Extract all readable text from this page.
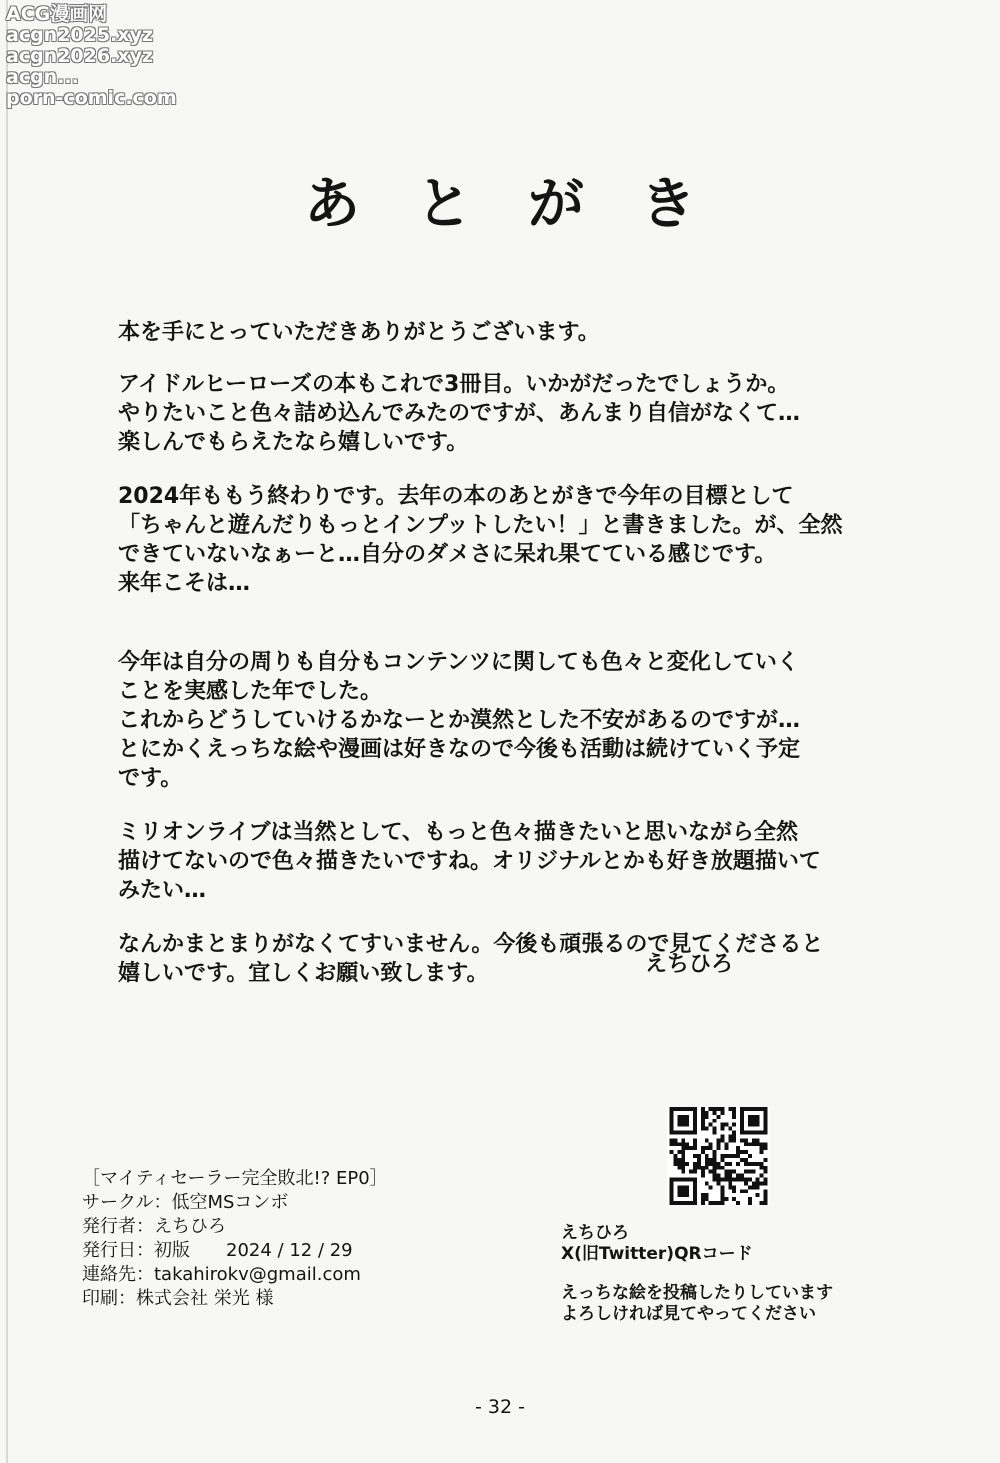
ACG漫画网
acgn2025.xyz
acgn2026.xyz
acgn...
porn-comic.com
あとがき

本を手にとっていただきありがとうございます。

アイドルヒーローズの本もこれで3冊目。いかがだったでしょうか。
やりたいこと色々詰め込んでみたのですが、あんまり自信がなくて…
楽しんでもらえたなら嬉しいです。

2024年ももう終わりです。去年の本のあとがきで今年の目標として
「ちゃんと遊んだりもっとインプットしたい！」と書きました。が、全然
できていないなぁーと…自分のダメさに呆れ果てている感じです。
来年こそは…

今年は自分の周りも自分もコンテンツに関しても色々と変化していく
ことを実感した年でした。
これからどうしていけるかなーとか漠然とした不安があるのですが…
とにかくえっちな絵や漫画は好きなので今後も活動は続けていく予定
です。

ミリオンライブは当然として、もっと色々描きたいと思いながら全然
描けてないので色々描きたいですね。オリジナルとかも好き放題描いて
みたい…

なんかまとまりがなくてすいません。今後も頑張るので見てくださると
嬉しいです。宜しくお願い致します。	えちひろ
［マイティセーラー完全敗北!? EP0］
サークル：低空MSコンボ
発行者：えちひろ
発行日：初版　　2024 / 12 / 29
連絡先：takahirokv@gmail.com
印刷：株式会社 栄光 様
えちひろ
X(旧Twitter)QRコード
えっちな絵を投稿したりしています
よろしければ見てやってください
- 32 -
